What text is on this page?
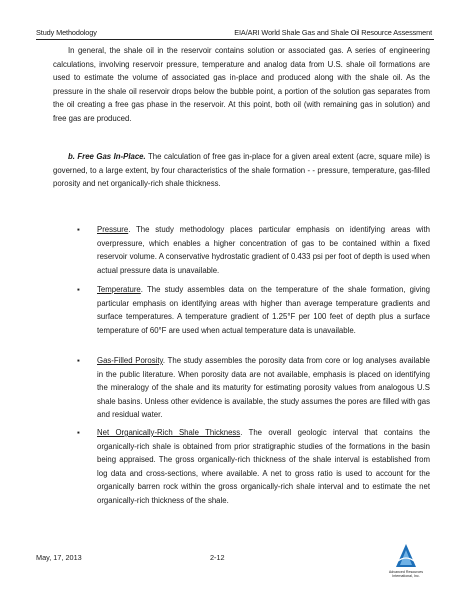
Study Methodology	EIA/ARI World Shale Gas and Shale Oil Resource Assessment

In general, the shale oil in the reservoir contains solution or associated gas. A series of engineering calculations, involving reservoir pressure, temperature and analog data from U.S. shale oil formations are used to estimate the volume of associated gas in-place and produced along with the shale oil. As the pressure in the shale oil reservoir drops below the bubble point, a portion of the solution gas separates from the oil creating a free gas phase in the reservoir. At this point, both oil (with remaining gas in solution) and free gas are produced.

b. Free Gas In-Place. The calculation of free gas in-place for a given areal extent (acre, square mile) is governed, to a large extent, by four characteristics of the shale formation - - pressure, temperature, gas-filled porosity and net organically-rich shale thickness.

▪ Pressure. The study methodology places particular emphasis on identifying areas with overpressure, which enables a higher concentration of gas to be contained within a fixed reservoir volume. A conservative hydrostatic gradient of 0.433 psi per foot of depth is used when actual pressure data is unavailable.

▪ Temperature. The study assembles data on the temperature of the shale formation, giving particular emphasis on identifying areas with higher than average temperature gradients and surface temperatures. A temperature gradient of 1.25°F per 100 feet of depth plus a surface temperature of 60°F are used when actual temperature data is unavailable.

▪ Gas-Filled Porosity. The study assembles the porosity data from core or log analyses available in the public literature. When porosity data are not available, emphasis is placed on identifying the mineralogy of the shale and its maturity for estimating porosity values from analogous U.S shale basins. Unless other evidence is available, the study assumes the pores are filled with gas and residual water.

▪ Net Organically-Rich Shale Thickness. The overall geologic interval that contains the organically-rich shale is obtained from prior stratigraphic studies of the formations in the basin being appraised. The gross organically-rich thickness of the shale interval is established from log data and cross-sections, where available. A net to gross ratio is used to account for the organically barren rock within the gross organically-rich shale interval and to estimate the net organically-rich thickness of the shale.

May, 17, 2013	2-12
Advanced Resources
International, Inc.
